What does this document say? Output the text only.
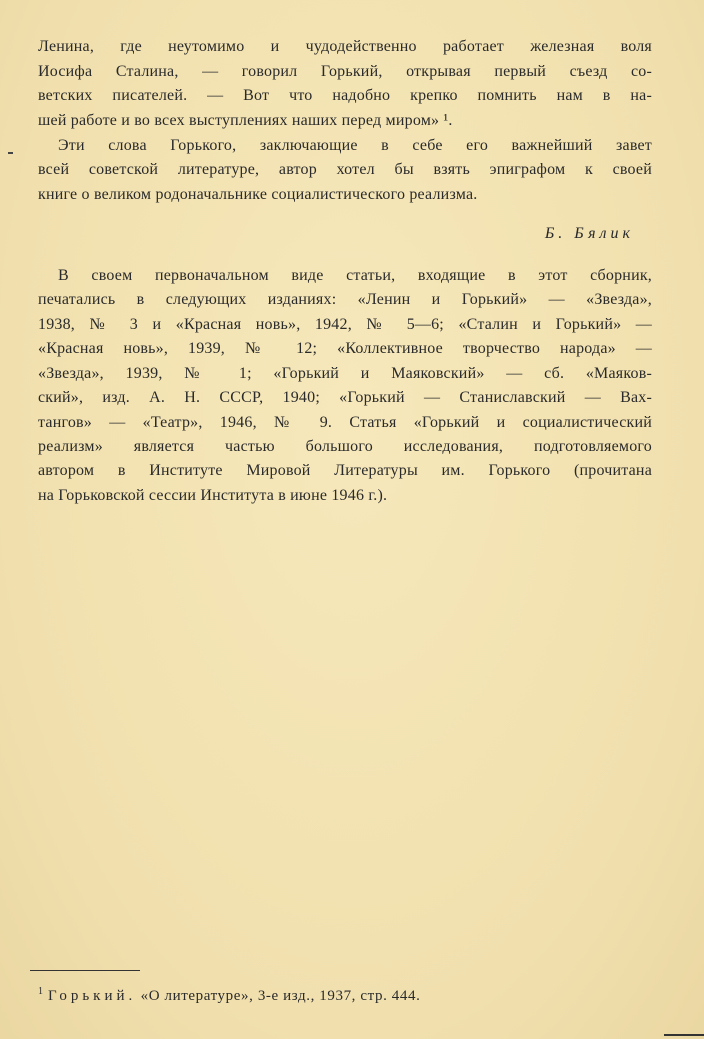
Ленина, где неутомимо и чудодейственно работает железная воля
Иосифа Сталина, — говорил Горький, открывая первый съезд со-
ветских писателей. — Вот что надобно крепко помнить нам в на-
шей работе и во всех выступлениях наших перед миром» ¹.
Эти слова Горького, заключающие в себе его важнейший завет
всей советской литературе, автор хотел бы взять эпиграфом к своей
книге о великом родоначальнике социалистического реализма.
Б. Бялик
В своем первоначальном виде статьи, входящие в этот сборник,
печатались в следующих изданиях: «Ленин и Горький» — «Звезда»,
1938, № 3 и «Красная новь», 1942, № 5—6; «Сталин и Горький» —
«Красная новь», 1939, № 12; «Коллективное творчество народа» —
«Звезда», 1939, № 1; «Горький и Маяковский» — сб. «Маяков-
ский», изд. А. Н. СССР, 1940; «Горький — Станиславский — Вах-
тангов» — «Театр», 1946, № 9. Статья «Горький и социалистический
реализм» является частью большого исследования, подготовляемого
автором в Институте Мировой Литературы им. Горького (прочитана
на Горьковской сессии Института в июне 1946 г.).
$^1$ Горький. «О литературе», 3-е изд., 1937, стр. 444.
